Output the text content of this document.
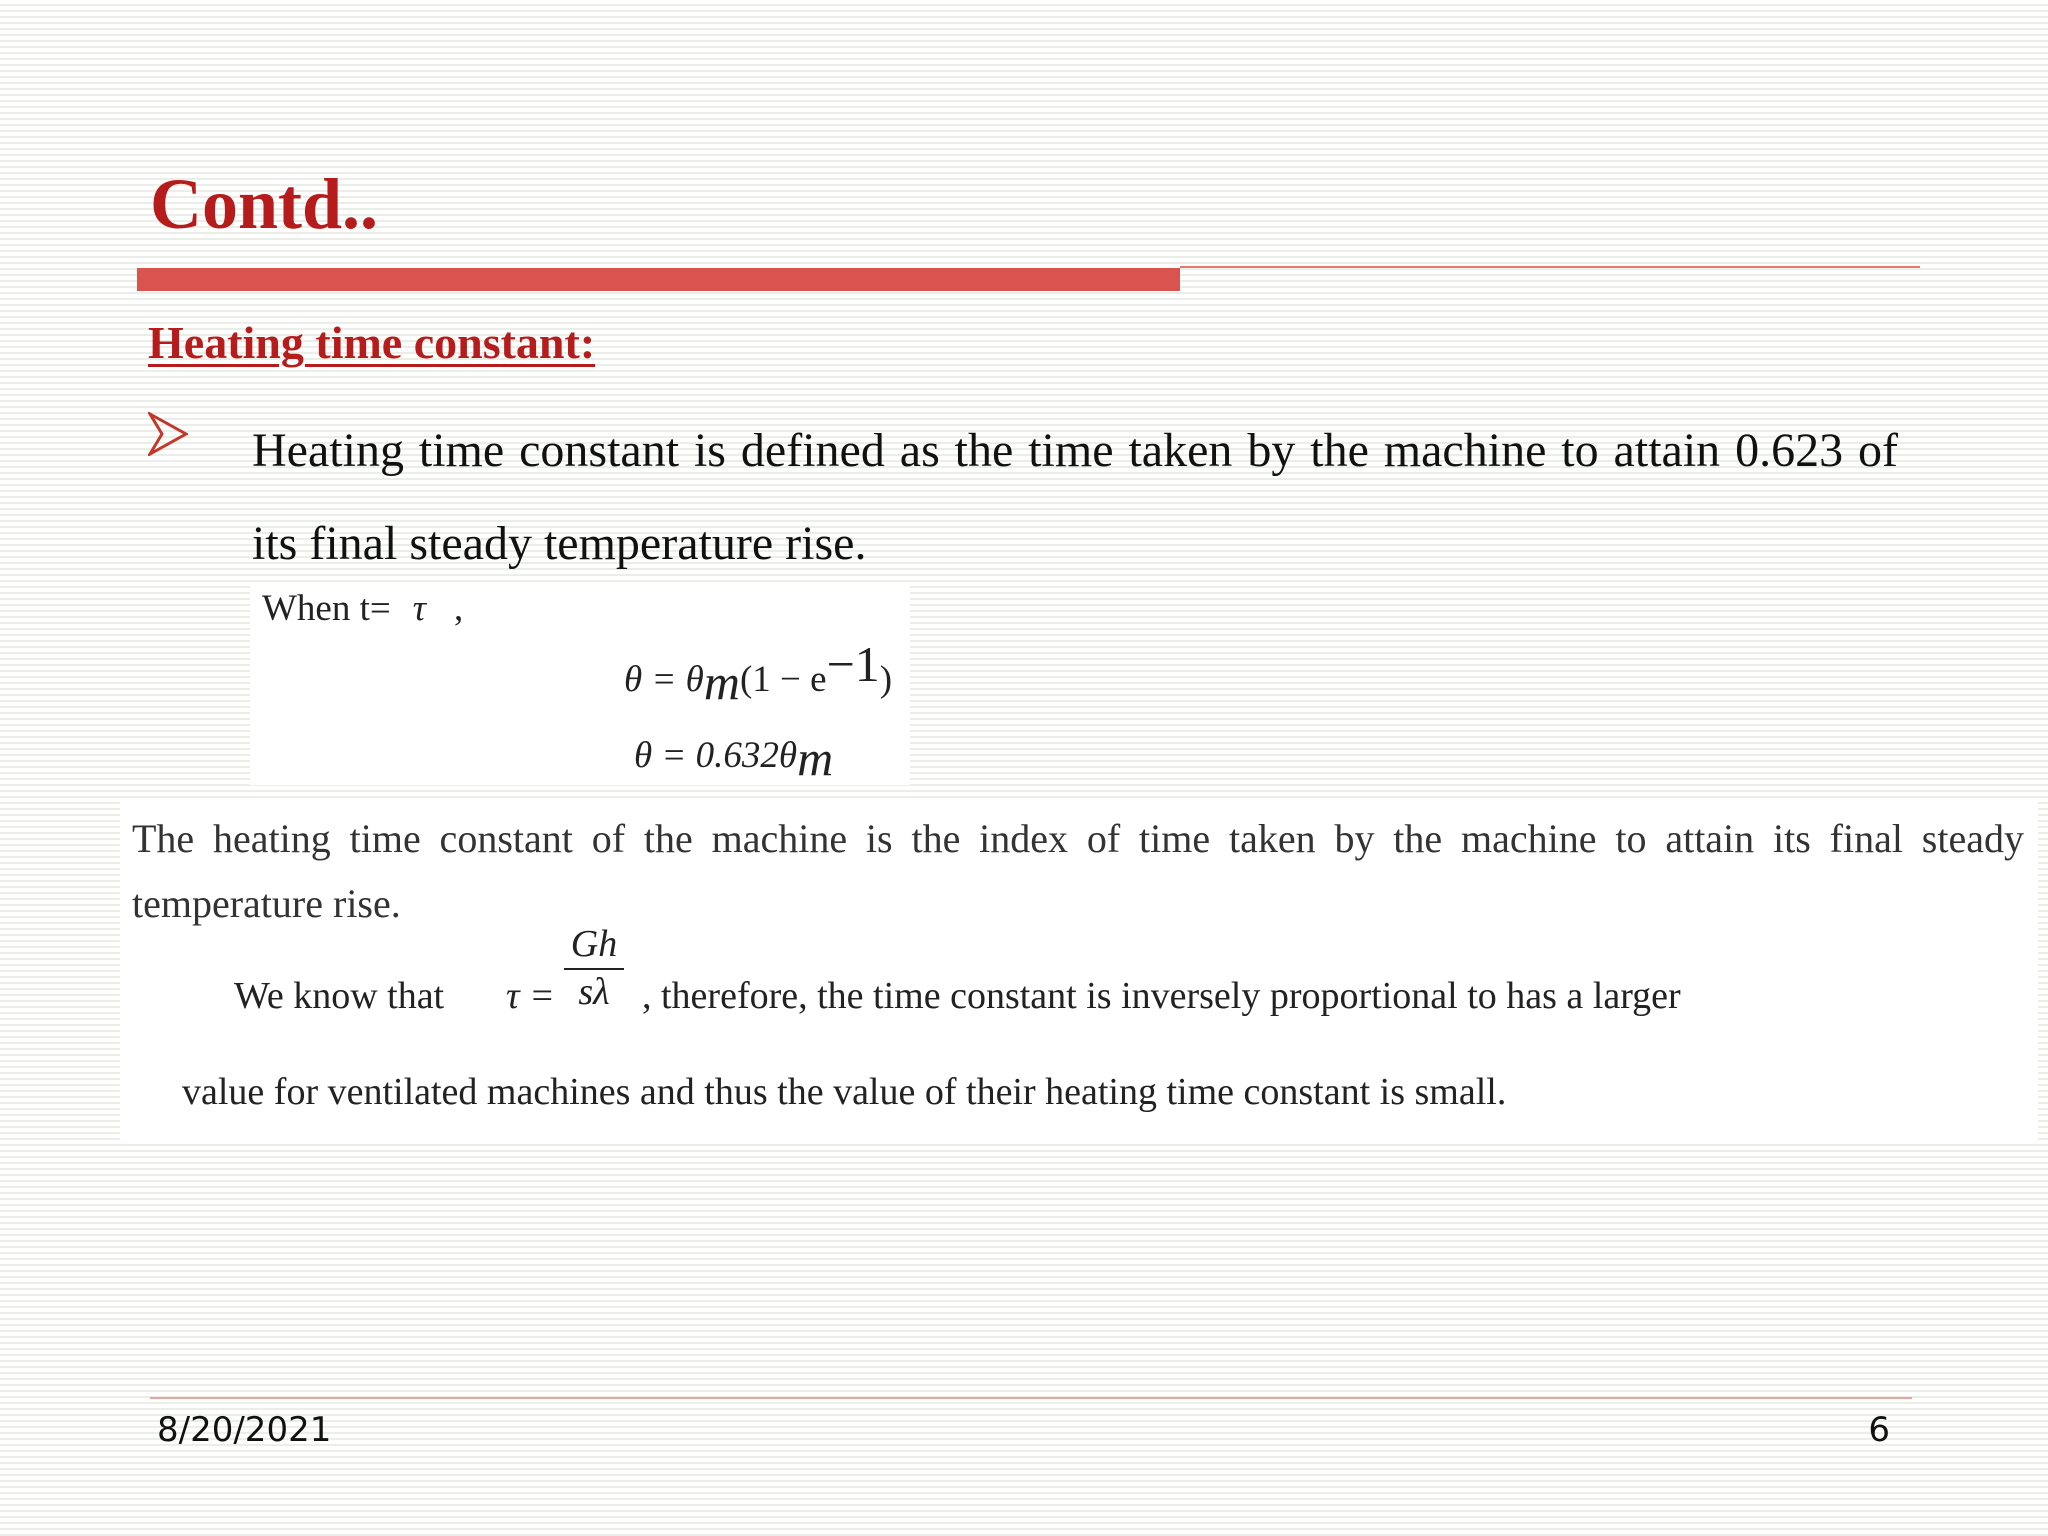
Contd..
Heating time constant:

Heating time constant is defined as the time taken by the machine to attain 0.623 of its final steady temperature rise.

When t= τ ,
θ = θm(1 − e−1)
θ = 0.632θm

The heating time constant of the machine is the index of time taken by the machine to attain its final steady temperature rise.

We know that $\tau = \frac{Gh}{s\lambda}$ , therefore, the time constant is inversely proportional to has a larger
value for ventilated machines and thus the value of their heating time constant is small.
8/20/2021	6
